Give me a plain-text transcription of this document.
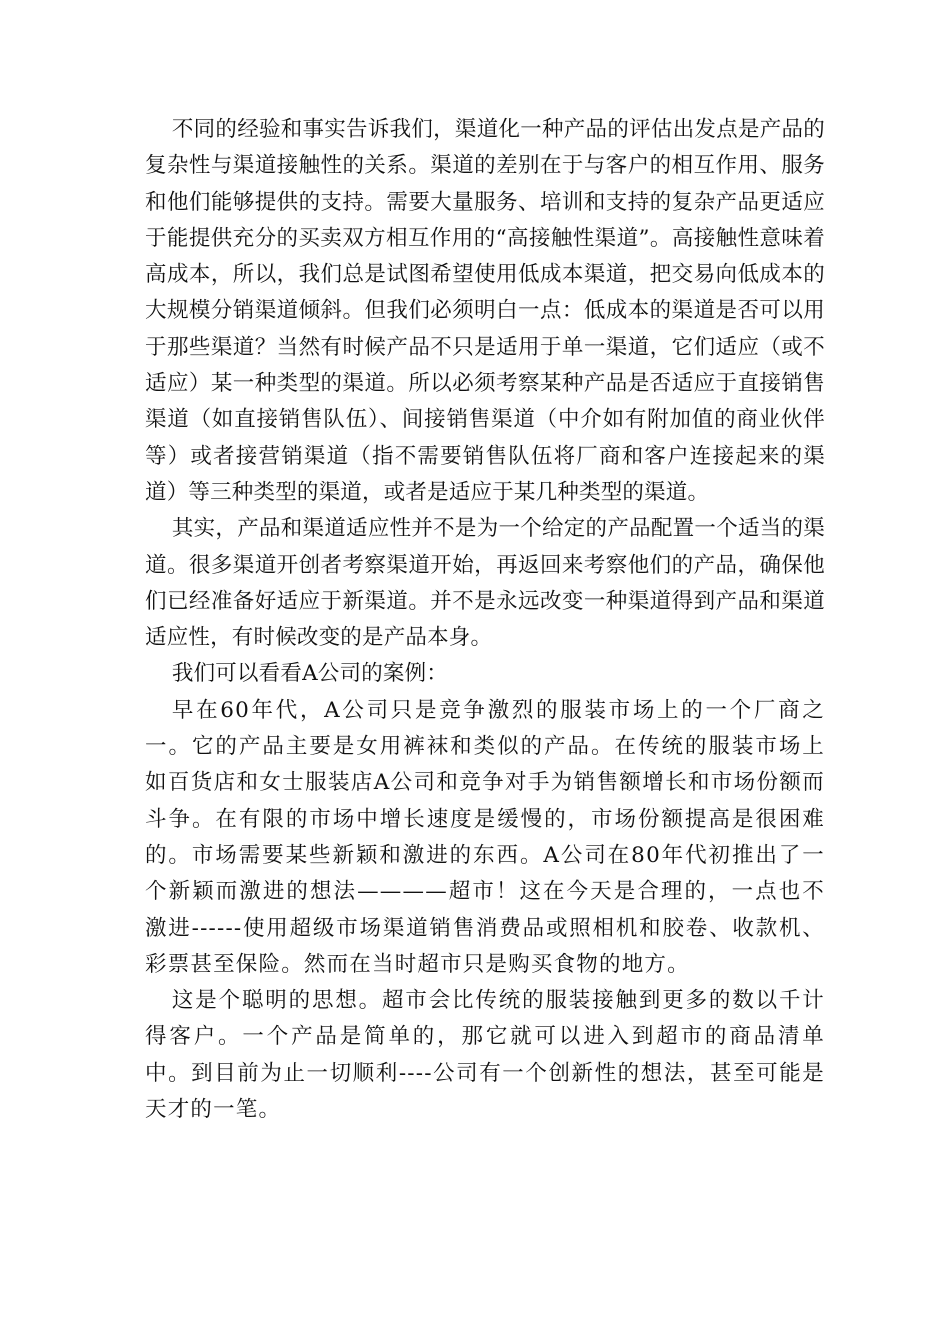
不同的经验和事实告诉我们，渠道化一种产品的评估出发点是产品的复杂性与渠道接触性的关系。渠道的差别在于与客户的相互作用、服务和他们能够提供的支持。需要大量服务、培训和支持的复杂产品更适应于能提供充分的买卖双方相互作用的“高接触性渠道”。高接触性意味着高成本，所以，我们总是试图希望使用低成本渠道，把交易向低成本的大规模分销渠道倾斜。但我们必须明白一点：低成本的渠道是否可以用于那些渠道？当然有时候产品不只是适用于单一渠道，它们适应（或不适应）某一种类型的渠道。所以必须考察某种产品是否适应于直接销售渠道（如直接销售队伍）、间接销售渠道（中介如有附加值的商业伙伴等）或者接营销渠道（指不需要销售队伍将厂商和客户连接起来的渠道）等三种类型的渠道，或者是适应于某几种类型的渠道。

其实，产品和渠道适应性并不是为一个给定的产品配置一个适当的渠道。很多渠道开创者考察渠道开始，再返回来考察他们的产品，确保他们已经准备好适应于新渠道。并不是永远改变一种渠道得到产品和渠道适应性，有时候改变的是产品本身。

我们可以看看A公司的案例：

早在60年代，A公司只是竞争激烈的服装市场上的一个厂商之一。它的产品主要是女用裤袜和类似的产品。在传统的服装市场上如百货店和女士服装店A公司和竞争对手为销售额增长和市场份额而斗争。在有限的市场中增长速度是缓慢的，市场份额提高是很困难的。市场需要某些新颖和激进的东西。A公司在80年代初推出了一个新颖而激进的想法————超市！这在今天是合理的，一点也不激进------使用超级市场渠道销售消费品或照相机和胶卷、收款机、彩票甚至保险。然而在当时超市只是购买食物的地方。

这是个聪明的思想。超市会比传统的服装接触到更多的数以千计得客户。一个产品是简单的，那它就可以进入到超市的商品清单中。到目前为止一切顺利----公司有一个创新性的想法，甚至可能是天才的一笔。
